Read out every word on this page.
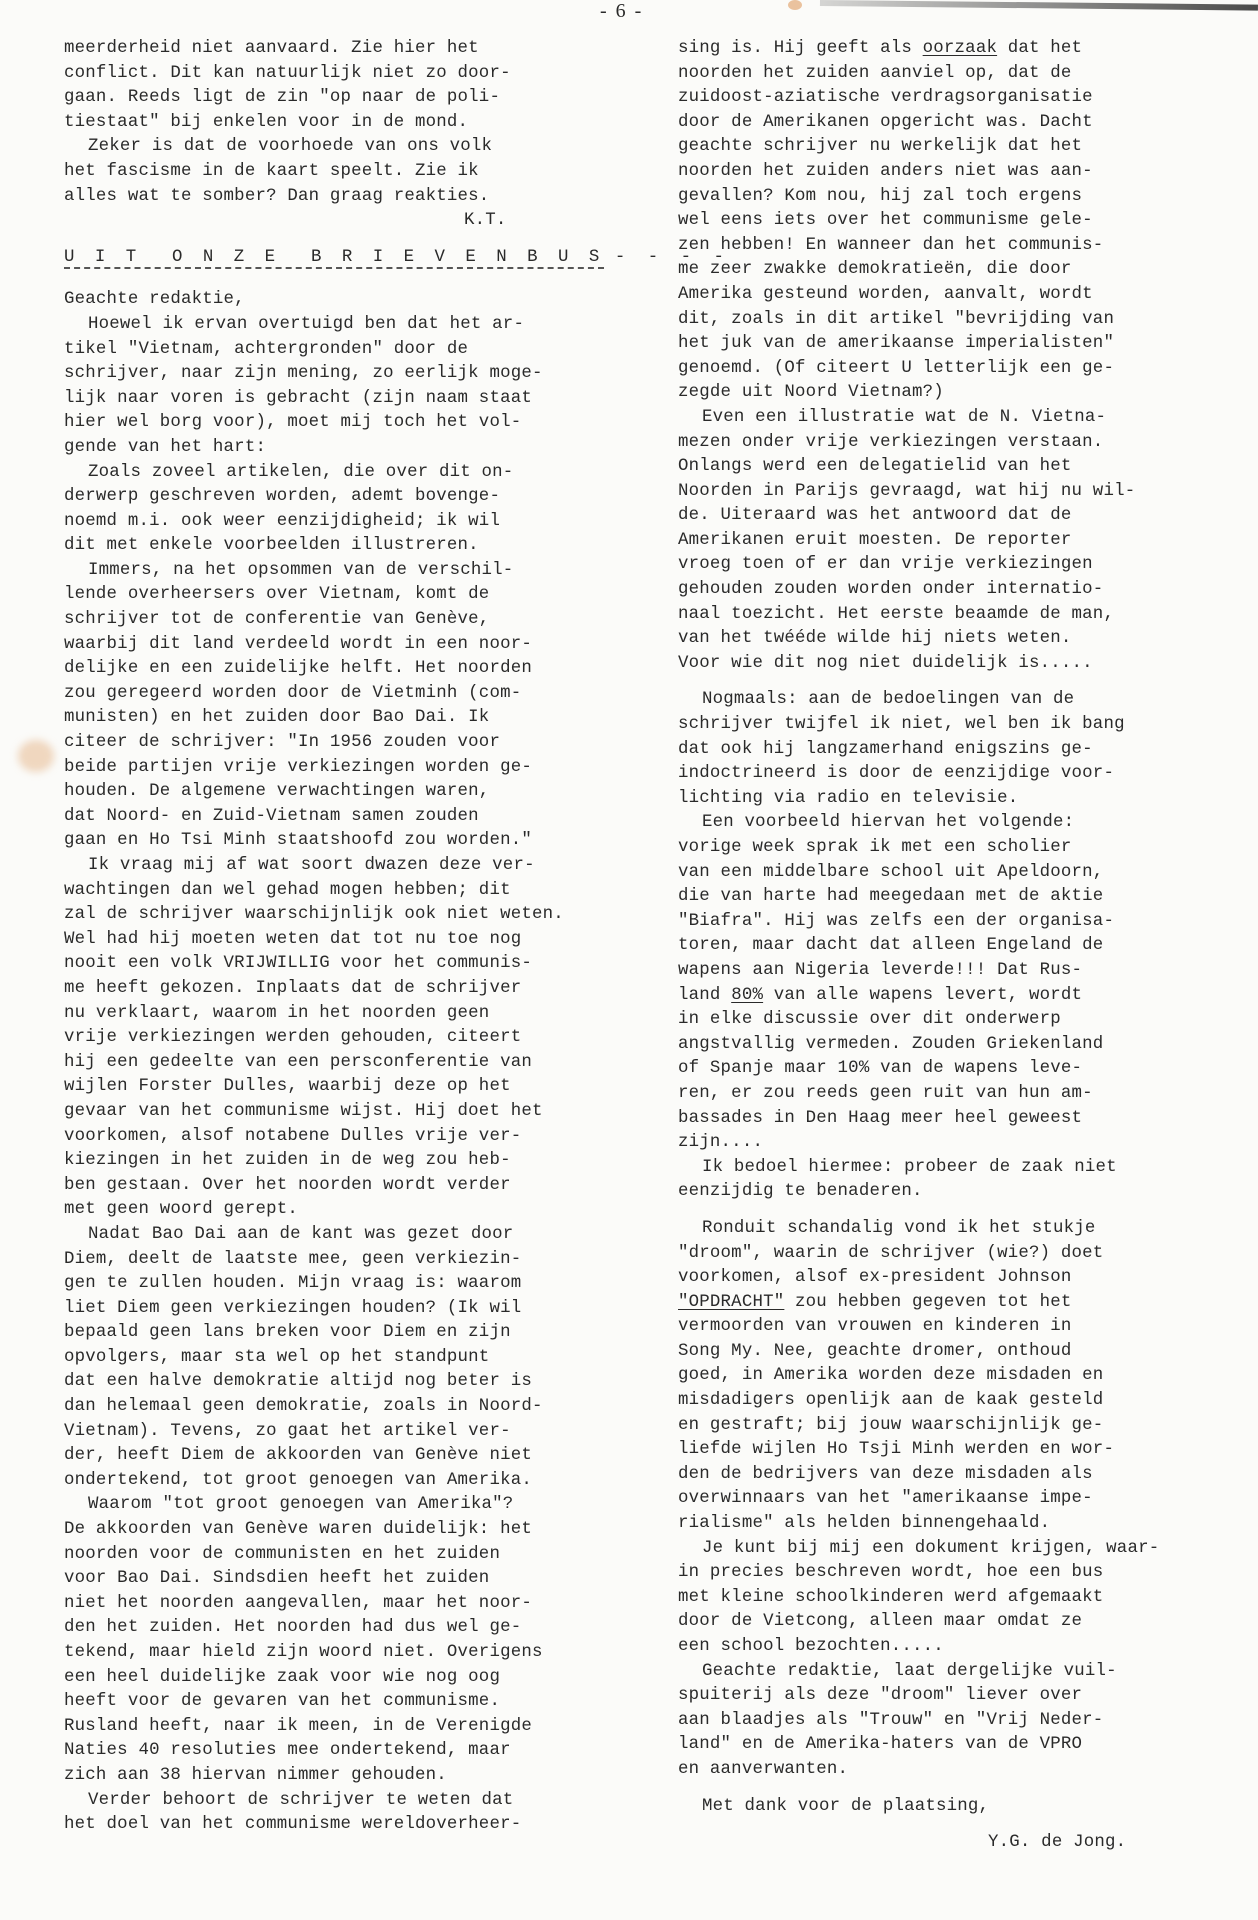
- 6 -
meerderheid niet aanvaard. Zie hier het
conflict. Dit kan natuurlijk niet zo door-
gaan. Reeds ligt de zin "op naar de poli-
tiestaat" bij enkelen voor in de mond.
Zeker is dat de voorhoede van ons volk
het fascisme in de kaart speelt. Zie ik
alles wat te somber? Dan graag reakties.
K.T.
U I T  O N Z E  B R I E V E N B U S - - - -
Geachte redaktie,
Hoewel ik ervan overtuigd ben dat het ar-
tikel "Vietnam, achtergronden" door de
schrijver, naar zijn mening, zo eerlijk moge-
lijk naar voren is gebracht (zijn naam staat
hier wel borg voor), moet mij toch het vol-
gende van het hart:
Zoals zoveel artikelen, die over dit on-
derwerp geschreven worden, ademt bovenge-
noemd m.i. ook weer eenzijdigheid; ik wil
dit met enkele voorbeelden illustreren.
Immers, na het opsommen van de verschil-
lende overheersers over Vietnam, komt de
schrijver tot de conferentie van Genève,
waarbij dit land verdeeld wordt in een noor-
delijke en een zuidelijke helft. Het noorden
zou geregeerd worden door de Vietminh (com-
munisten) en het zuiden door Bao Dai. Ik
citeer de schrijver: "In 1956 zouden voor
beide partijen vrije verkiezingen worden ge-
houden. De algemene verwachtingen waren,
dat Noord- en Zuid-Vietnam samen zouden
gaan en Ho Tsi Minh staatshoofd zou worden."
Ik vraag mij af wat soort dwazen deze ver-
wachtingen dan wel gehad mogen hebben; dit
zal de schrijver waarschijnlijk ook niet weten.
Wel had hij moeten weten dat tot nu toe nog
nooit een volk VRIJWILLIG voor het communis-
me heeft gekozen. Inplaats dat de schrijver
nu verklaart, waarom in het noorden geen
vrije verkiezingen werden gehouden, citeert
hij een gedeelte van een persconferentie van
wijlen Forster Dulles, waarbij deze op het
gevaar van het communisme wijst. Hij doet het
voorkomen, alsof notabene Dulles vrije ver-
kiezingen in het zuiden in de weg zou heb-
ben gestaan. Over het noorden wordt verder
met geen woord gerept.
Nadat Bao Dai aan de kant was gezet door
Diem, deelt de laatste mee, geen verkiezin-
gen te zullen houden. Mijn vraag is: waarom
liet Diem geen verkiezingen houden? (Ik wil
bepaald geen lans breken voor Diem en zijn
opvolgers, maar sta wel op het standpunt
dat een halve demokratie altijd nog beter is
dan helemaal geen demokratie, zoals in Noord-
Vietnam). Tevens, zo gaat het artikel ver-
der, heeft Diem de akkoorden van Genève niet
ondertekend, tot groot genoegen van Amerika.
Waarom "tot groot genoegen van Amerika"?
De akkoorden van Genève waren duidelijk: het
noorden voor de communisten en het zuiden
voor Bao Dai. Sindsdien heeft het zuiden
niet het noorden aangevallen, maar het noor-
den het zuiden. Het noorden had dus wel ge-
tekend, maar hield zijn woord niet. Overigens
een heel duidelijke zaak voor wie nog oog
heeft voor de gevaren van het communisme.
Rusland heeft, naar ik meen, in de Verenigde
Naties 40 resoluties mee ondertekend, maar
zich aan 38 hiervan nimmer gehouden.
Verder behoort de schrijver te weten dat
het doel van het communisme wereldoverheer-
sing is. Hij geeft als oorzaak dat het
noorden het zuiden aanviel op, dat de
zuidoost-aziatische verdragsorganisatie
door de Amerikanen opgericht was. Dacht
geachte schrijver nu werkelijk dat het
noorden het zuiden anders niet was aan-
gevallen? Kom nou, hij zal toch ergens
wel eens iets over het communisme gele-
zen hebben! En wanneer dan het communis-
me zeer zwakke demokratieën, die door
Amerika gesteund worden, aanvalt, wordt
dit, zoals in dit artikel "bevrijding van
het juk van de amerikaanse imperialisten"
genoemd. (Of citeert U letterlijk een ge-
zegde uit Noord Vietnam?)
Even een illustratie wat de N. Vietna-
mezen onder vrije verkiezingen verstaan.
Onlangs werd een delegatielid van het
Noorden in Parijs gevraagd, wat hij nu wil-
de. Uiteraard was het antwoord dat de
Amerikanen eruit moesten. De reporter
vroeg toen of er dan vrije verkiezingen
gehouden zouden worden onder internatio-
naal toezicht. Het eerste beaamde de man,
van het twééde wilde hij niets weten.
Voor wie dit nog niet duidelijk is.....
Nogmaals: aan de bedoelingen van de
schrijver twijfel ik niet, wel ben ik bang
dat ook hij langzamerhand enigszins ge-
indoctrineerd is door de eenzijdige voor-
lichting via radio en televisie.
Een voorbeeld hiervan het volgende:
vorige week sprak ik met een scholier
van een middelbare school uit Apeldoorn,
die van harte had meegedaan met de aktie
"Biafra". Hij was zelfs een der organisa-
toren, maar dacht dat alleen Engeland de
wapens aan Nigeria leverde!!! Dat Rus-
land 80% van alle wapens levert, wordt
in elke discussie over dit onderwerp
angstvallig vermeden. Zouden Griekenland
of Spanje maar 10% van de wapens leve-
ren, er zou reeds geen ruit van hun am-
bassades in Den Haag meer heel geweest
zijn....
Ik bedoel hiermee: probeer de zaak niet
eenzijdig te benaderen.
Ronduit schandalig vond ik het stukje
"droom", waarin de schrijver (wie?) doet
voorkomen, alsof ex-president Johnson
"OPDRACHT" zou hebben gegeven tot het
vermoorden van vrouwen en kinderen in
Song My. Nee, geachte dromer, onthoud
goed, in Amerika worden deze misdaden en
misdadigers openlijk aan de kaak gesteld
en gestraft; bij jouw waarschijnlijk ge-
liefde wijlen Ho Tsji Minh werden en wor-
den de bedrijvers van deze misdaden als
overwinnaars van het "amerikaanse impe-
rialisme" als helden binnengehaald.
Je kunt bij mij een dokument krijgen, waar-
in precies beschreven wordt, hoe een bus
met kleine schoolkinderen werd afgemaakt
door de Vietcong, alleen maar omdat ze
een school bezochten.....
Geachte redaktie, laat dergelijke vuil-
spuiterij als deze "droom" liever over
aan blaadjes als "Trouw" en "Vrij Neder-
land" en de Amerika-haters van de VPRO
en aanverwanten.
Met dank voor de plaatsing,
Y.G. de Jong.
